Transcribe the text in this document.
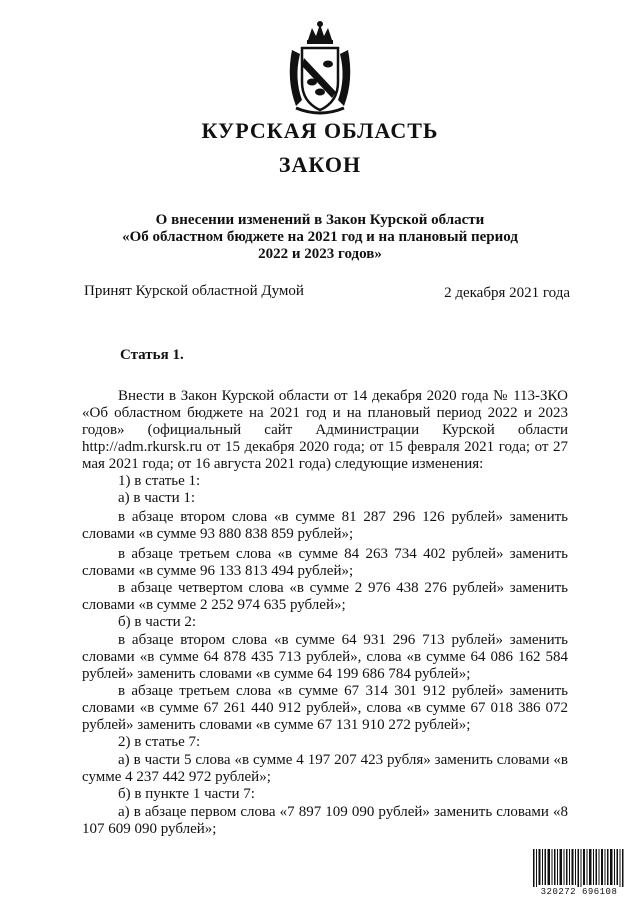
КУРСКАЯ ОБЛАСТЬ
ЗАКОН
О внесении изменений в Закон Курской области
«Об областном бюджете на 2021 год и на плановый период
2022 и 2023 годов»
Принят Курской областной Думой	2 декабря 2021 года
Статья 1.
Внести в Закон Курской области от 14 декабря 2020 года № 113-ЗКО «Об областном бюджете на 2021 год и на плановый период 2022 и 2023 годов» (официальный сайт Администрации Курской области http://adm.rkursk.ru от 15 декабря 2020 года; от 15 февраля 2021 года; от 27 мая 2021 года; от 16 августа 2021 года) следующие изменения:
1) в статье 1:
а) в части 1:
в абзаце втором слова «в сумме 81 287 296 126 рублей» заменить словами «в сумме 93 880 838 859 рублей»;
в абзаце третьем слова «в сумме 84 263 734 402 рублей» заменить словами «в сумме 96 133 813 494 рублей»;
в абзаце четвертом слова «в сумме 2 976 438 276 рублей» заменить словами «в сумме 2 252 974 635 рублей»;
б) в части 2:
в абзаце втором слова «в сумме 64 931 296 713 рублей» заменить словами «в сумме 64 878 435 713 рублей», слова «в сумме 64 086 162 584 рублей» заменить словами «в сумме 64 199 686 784 рублей»;
в абзаце третьем слова «в сумме 67 314 301 912 рублей» заменить словами «в сумме 67 261 440 912 рублей», слова «в сумме 67 018 386 072 рублей» заменить словами «в сумме 67 131 910 272 рублей»;
2) в статье 7:
а) в части 5 слова «в сумме 4 197 207 423 рубля» заменить словами «в сумме 4 237 442 972 рублей»;
б) в пункте 1 части 7:
а) в абзаце первом слова «7 897 109 090 рублей» заменить словами «8 107 609 090 рублей»;
320272 696108
